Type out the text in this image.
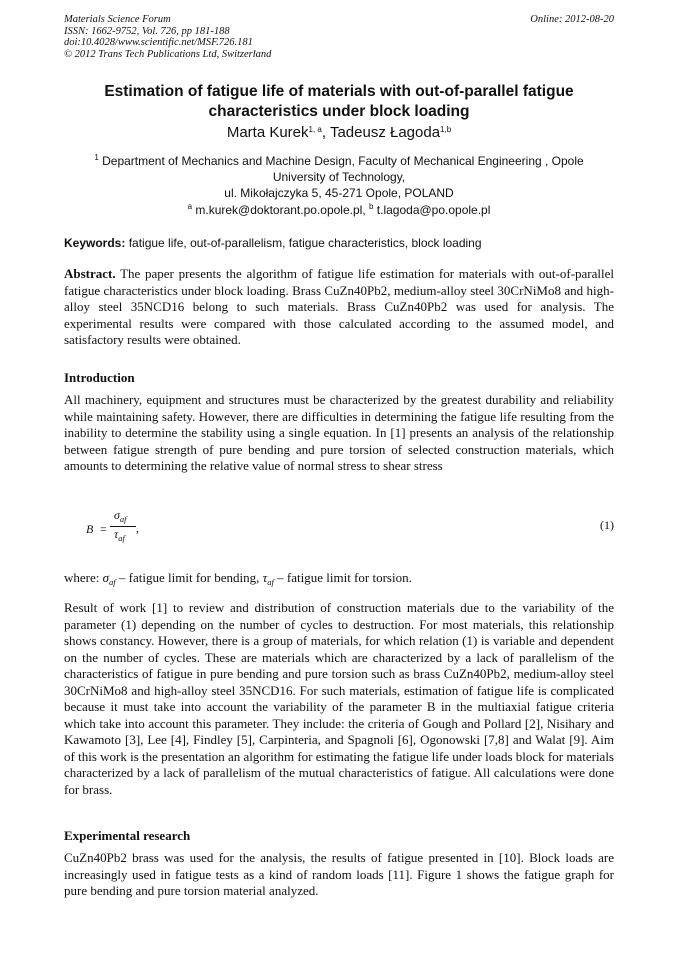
Materials Science Forum
ISSN: 1662-9752, Vol. 726, pp 181-188
doi:10.4028/www.scientific.net/MSF.726.181
© 2012 Trans Tech Publications Ltd, Switzerland
Online: 2012-08-20
Estimation of fatigue life of materials with out-of-parallel fatigue
characteristics under block loading
Marta Kurek$^{1, a}$, Tadeusz Łagoda$^{1,b}$
$^1$ Department of Mechanics and Machine Design, Faculty of Mechanical Engineering , Opole
University of Technology,
ul. Mikołajczyka 5, 45-271 Opole, POLAND
$^a$ m.kurek@doktorant.po.opole.pl, $^b$ t.lagoda@po.opole.pl
Keywords: fatigue life, out-of-parallelism, fatigue characteristics, block loading

Abstract. The paper presents the algorithm of fatigue life estimation for materials with out-of-parallel fatigue characteristics under block loading. Brass CuZn40Pb2, medium-alloy steel 30CrNiMo8 and high-alloy steel 35NCD16 belong to such materials. Brass CuZn40Pb2 was used for analysis. The experimental results were compared with those calculated according to the assumed model, and satisfactory results were obtained.

Introduction

All machinery, equipment and structures must be characterized by the greatest durability and reliability while maintaining safety. However, there are difficulties in determining the fatigue life resulting from the inability to determine the stability using a single equation. In [1] presents an analysis of the relationship between fatigue strength of pure bending and pure torsion of selected construction materials, which amounts to determining the relative value of normal stress to shear stress

B =
$\sigma_{af}$
$\tau_{af}$
,	(1)

where: $\sigma_{af}$ – fatigue limit for bending, $\tau_{af}$ – fatigue limit for torsion.

Result of work [1] to review and distribution of construction materials due to the variability of the parameter (1) depending on the number of cycles to destruction. For most materials, this relationship shows constancy. However, there is a group of materials, for which relation (1) is variable and dependent on the number of cycles. These are materials which are characterized by a lack of parallelism of the characteristics of fatigue in pure bending and pure torsion such as brass CuZn40Pb2, medium-alloy steel 30CrNiMo8 and high-alloy steel 35NCD16. For such materials, estimation of fatigue life is complicated because it must take into account the variability of the parameter B in the multiaxial fatigue criteria which take into account this parameter. They include: the criteria of Gough and Pollard [2], Nisihary and Kawamoto [3], Lee [4], Findley [5], Carpinteria, and Spagnoli [6], Ogonowski [7,8] and Walat [9]. Aim of this work is the presentation an algorithm for estimating the fatigue life under loads block for materials characterized by a lack of parallelism of the mutual characteristics of fatigue. All calculations were done for brass.

Experimental research

CuZn40Pb2 brass was used for the analysis, the results of fatigue presented in [10]. Block loads are increasingly used in fatigue tests as a kind of random loads [11]. Figure 1 shows the fatigue graph for pure bending and pure torsion material analyzed.
